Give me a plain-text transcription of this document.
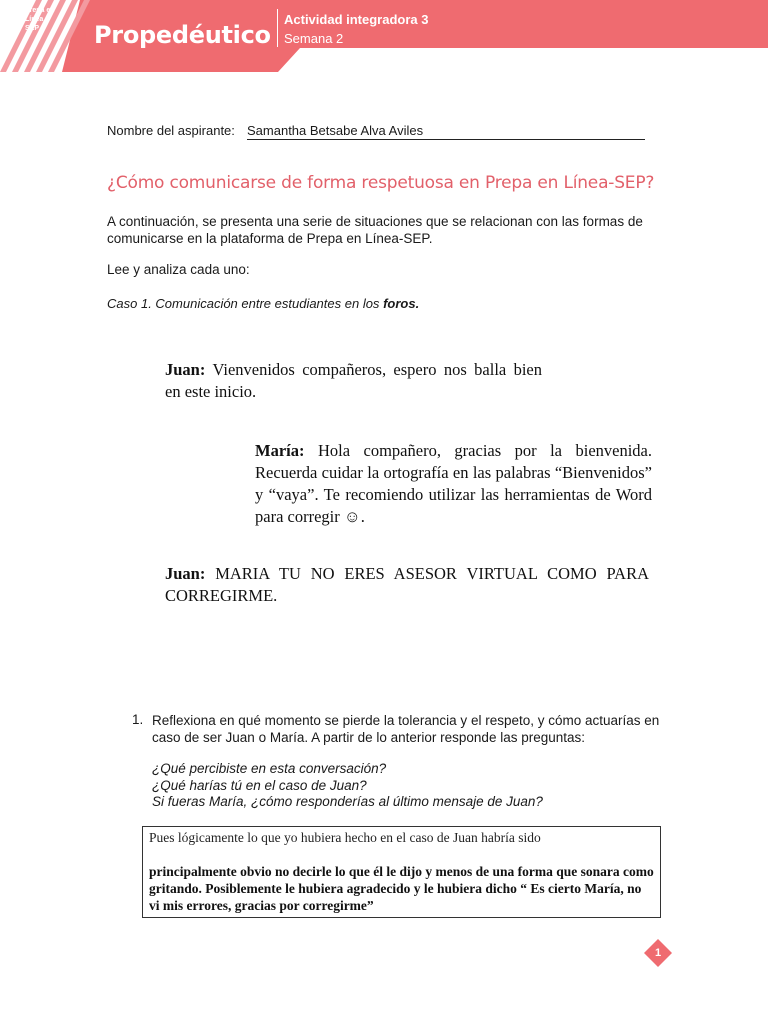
Propedéutico
Actividad integradora 3
Semana 2
Prepa en
Línea
SEP
Nombre del aspirante: Samantha Betsabe Alva Aviles
¿Cómo comunicarse de forma respetuosa en Prepa en Línea-SEP?
A continuación, se presenta una serie de situaciones que se relacionan con las formas de comunicarse en la plataforma de Prepa en Línea-SEP.
Lee y analiza cada uno:
Caso 1. Comunicación entre estudiantes en los foros.
Juan: Vienvenidos compañeros, espero nos balla bien en este inicio.
María: Hola compañero, gracias por la bienvenida. Recuerda cuidar la ortografía en las palabras “Bienvenidos” y “vaya”. Te recomiendo utilizar las herramientas de Word para corregir ☺.
Juan: MARIA TU NO ERES ASESOR VIRTUAL COMO PARA CORREGIRME.
1. Reflexiona en qué momento se pierde la tolerancia y el respeto, y cómo actuarías en caso de ser Juan o María. A partir de lo anterior responde las preguntas:
¿Qué percibiste en esta conversación?
¿Qué harías tú en el caso de Juan?
Si fueras María, ¿cómo responderías al último mensaje de Juan?
Pues lógicamente lo que yo hubiera hecho en el caso de Juan habría sido
principalmente obvio no decirle lo que él le dijo y menos de una forma que sonara como gritando. Posiblemente le hubiera agradecido y le hubiera dicho “ Es cierto María, no vi mis errores, gracias por corregirme”
1
